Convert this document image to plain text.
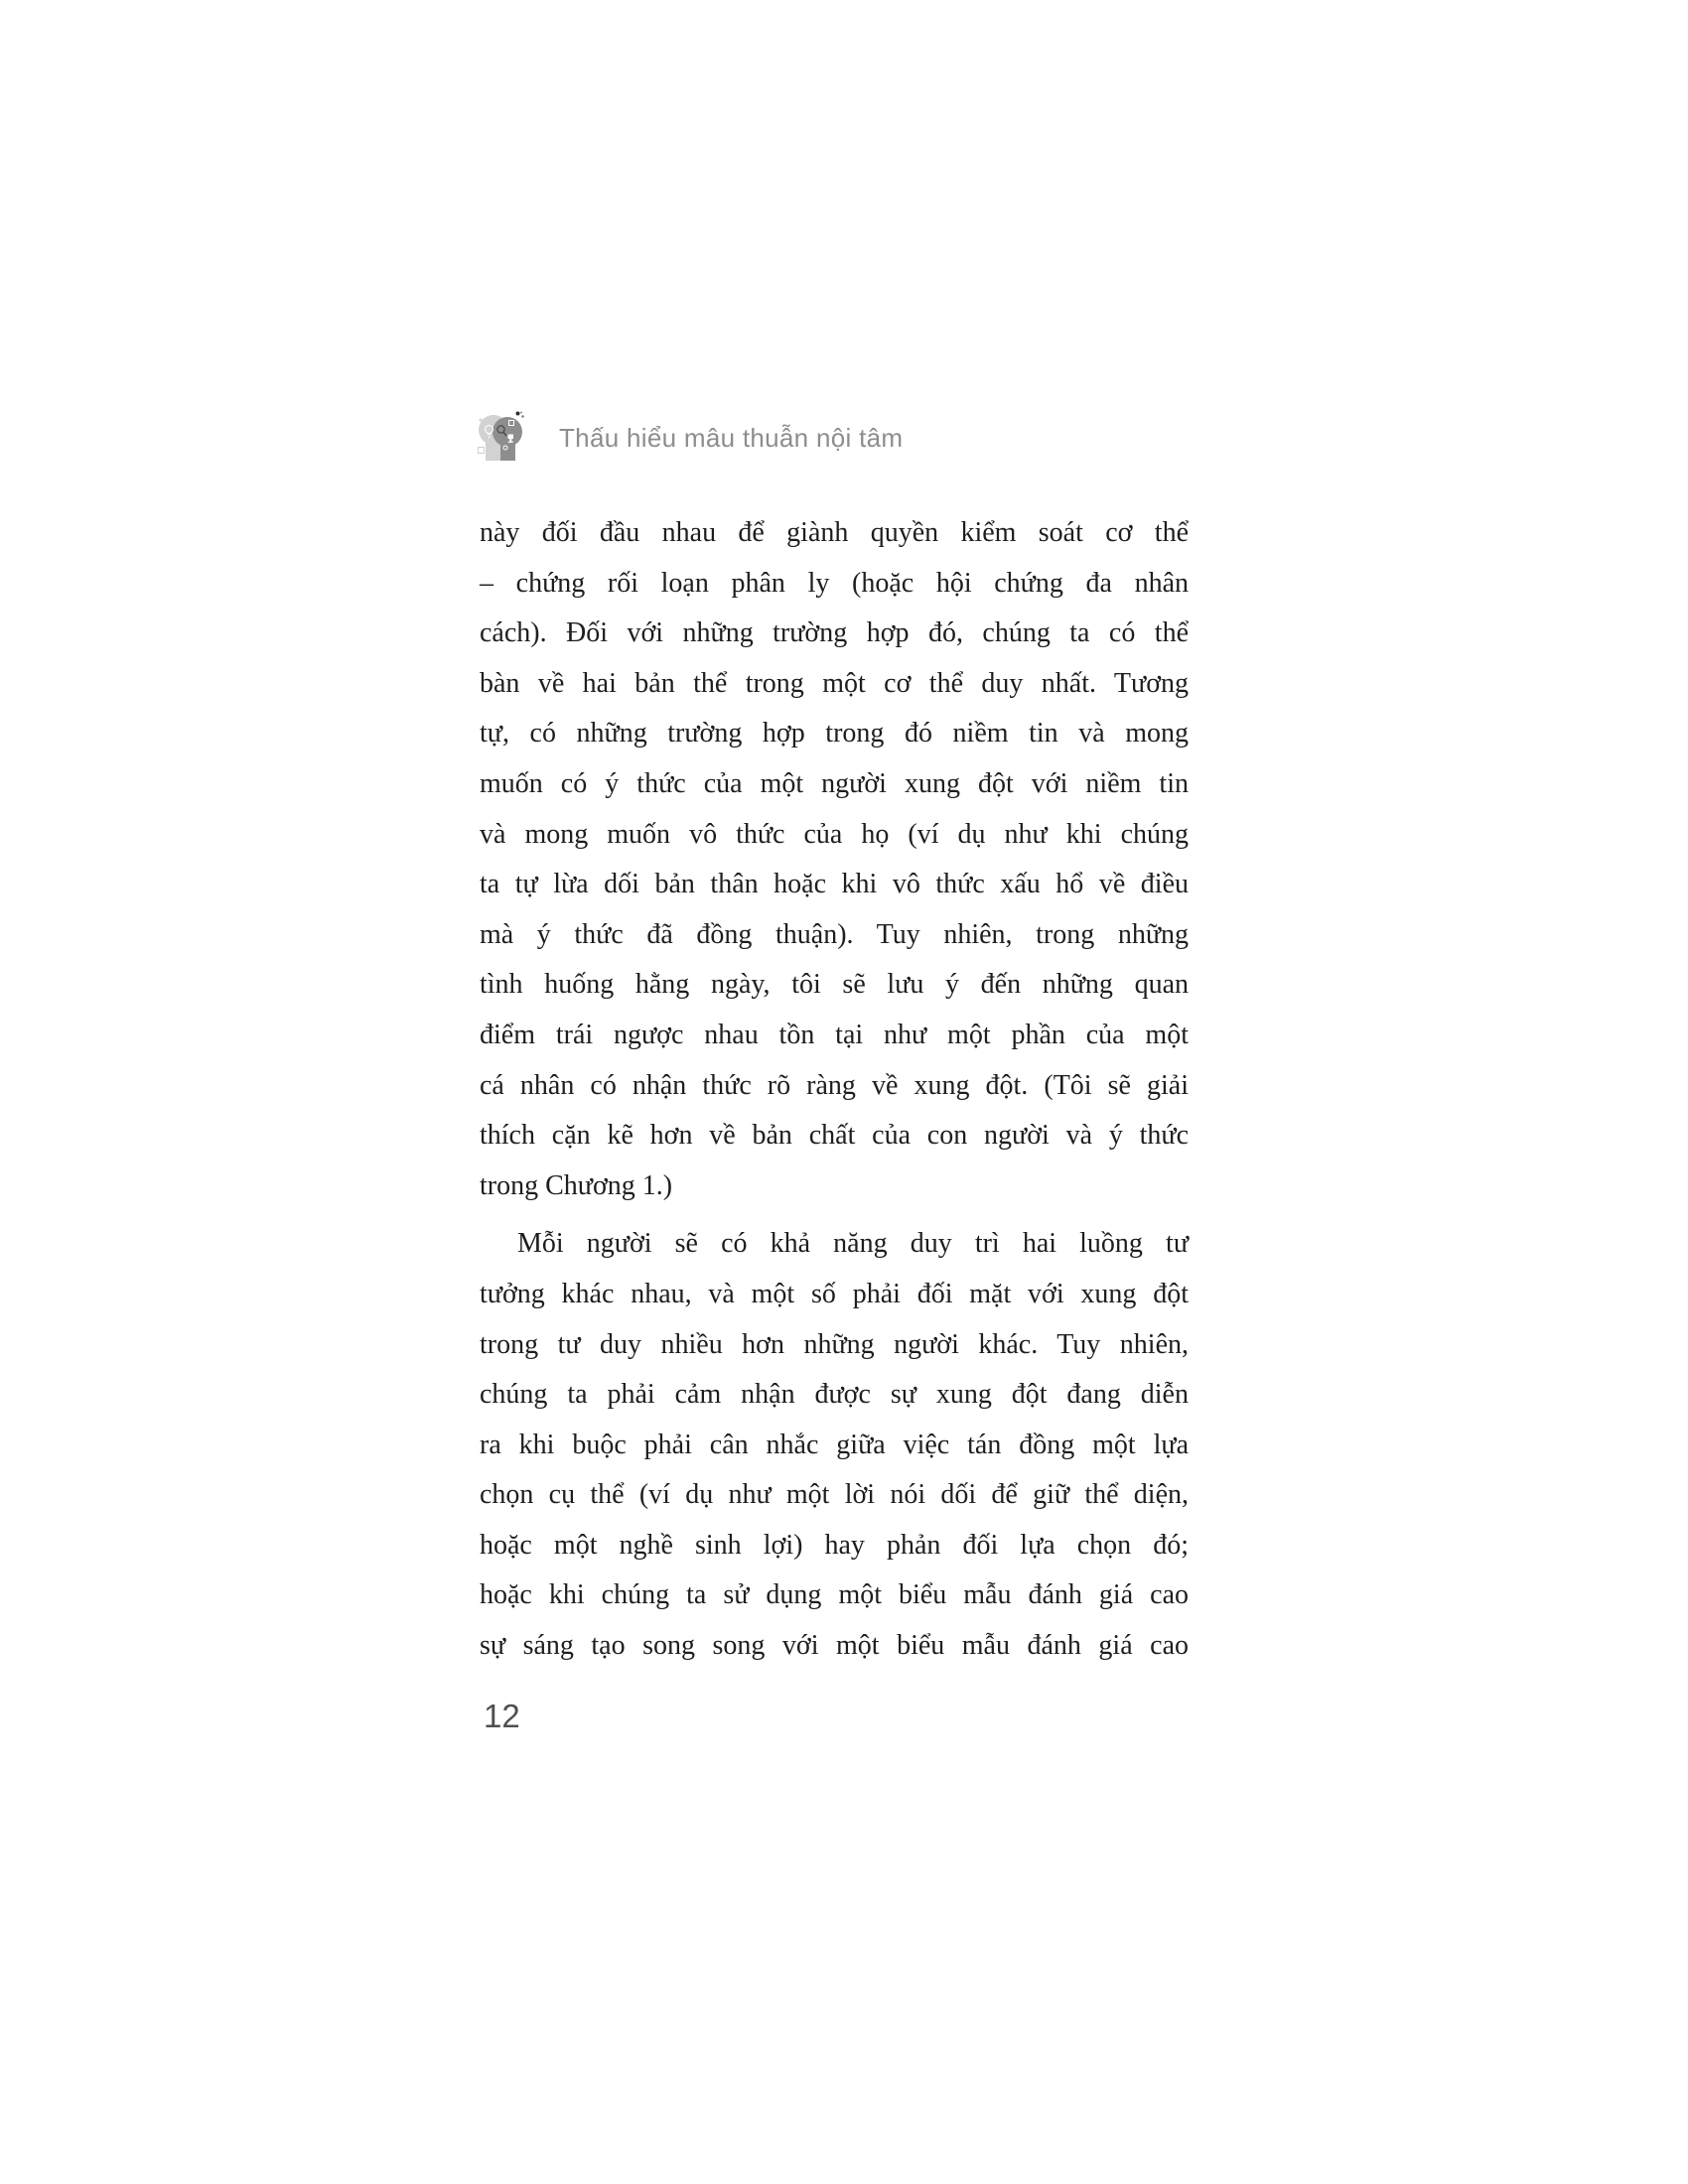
Thấu hiểu mâu thuẫn nội tâm
này đối đầu nhau để giành quyền kiểm soát cơ thể
– chứng rối loạn phân ly (hoặc hội chứng đa nhân
cách). Đối với những trường hợp đó, chúng ta có thể
bàn về hai bản thể trong một cơ thể duy nhất. Tương
tự, có những trường hợp trong đó niềm tin và mong
muốn có ý thức của một người xung đột với niềm tin
và mong muốn vô thức của họ (ví dụ như khi chúng
ta tự lừa dối bản thân hoặc khi vô thức xấu hổ về điều
mà ý thức đã đồng thuận). Tuy nhiên, trong những
tình huống hằng ngày, tôi sẽ lưu ý đến những quan
điểm trái ngược nhau tồn tại như một phần của một
cá nhân có nhận thức rõ ràng về xung đột. (Tôi sẽ giải
thích cặn kẽ hơn về bản chất của con người và ý thức
trong Chương 1.)
Mỗi người sẽ có khả năng duy trì hai luồng tư
tưởng khác nhau, và một số phải đối mặt với xung đột
trong tư duy nhiều hơn những người khác. Tuy nhiên,
chúng ta phải cảm nhận được sự xung đột đang diễn
ra khi buộc phải cân nhắc giữa việc tán đồng một lựa
chọn cụ thể (ví dụ như một lời nói dối để giữ thể diện,
hoặc một nghề sinh lợi) hay phản đối lựa chọn đó;
hoặc khi chúng ta sử dụng một biểu mẫu đánh giá cao
sự sáng tạo song song với một biểu mẫu đánh giá cao
12
